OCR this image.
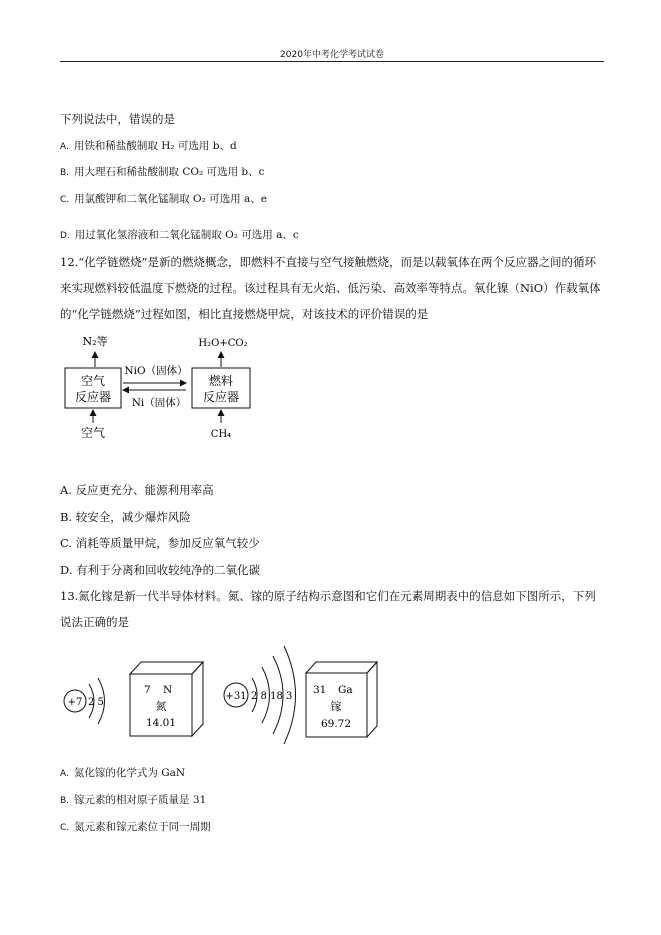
2020年中考化学考试试卷
下列说法中，错误的是
A. 用铁和稀盐酸制取 H₂ 可选用 b、d
B. 用大理石和稀盐酸制取 CO₂ 可选用 b、c
C. 用氯酸钾和二氧化锰制取 O₂ 可选用 a、e
D. 用过氧化氢溶液和二氧化锰制取 O₂ 可选用 a、c
12.“化学链燃烧”是新的燃烧概念，即燃料不直接与空气接触燃烧，而是以载氧体在两个反应器之间的循环
来实现燃料较低温度下燃烧的过程。该过程具有无火焰、低污染、高效率等特点。氧化镍（NiO）作载氧体
的“化学链燃烧”过程如图，相比直接燃烧甲烷，对该技术的评价错误的是
N₂等
空气
反应器
空气
NiO（固体）
Ni（固体）
H₂O+CO₂
燃料
反应器
CH₄
A. 反应更充分、能源利用率高
B. 较安全，减少爆炸风险
C. 消耗等质量甲烷，参加反应氧气较少
D. 有利于分离和回收较纯净的二氧化碳
13.氮化镓是新一代半导体材料。氮、镓的原子结构示意图和它们在元素周期表中的信息如下图所示，下列
说法正确的是
+7 2 5
7 N
氮
14.01
+31 2 8 18 3
31 Ga
镓
69.72
A. 氮化镓的化学式为 GaN
B. 镓元素的相对原子质量是 31
C. 氮元素和镓元素位于同一周期
